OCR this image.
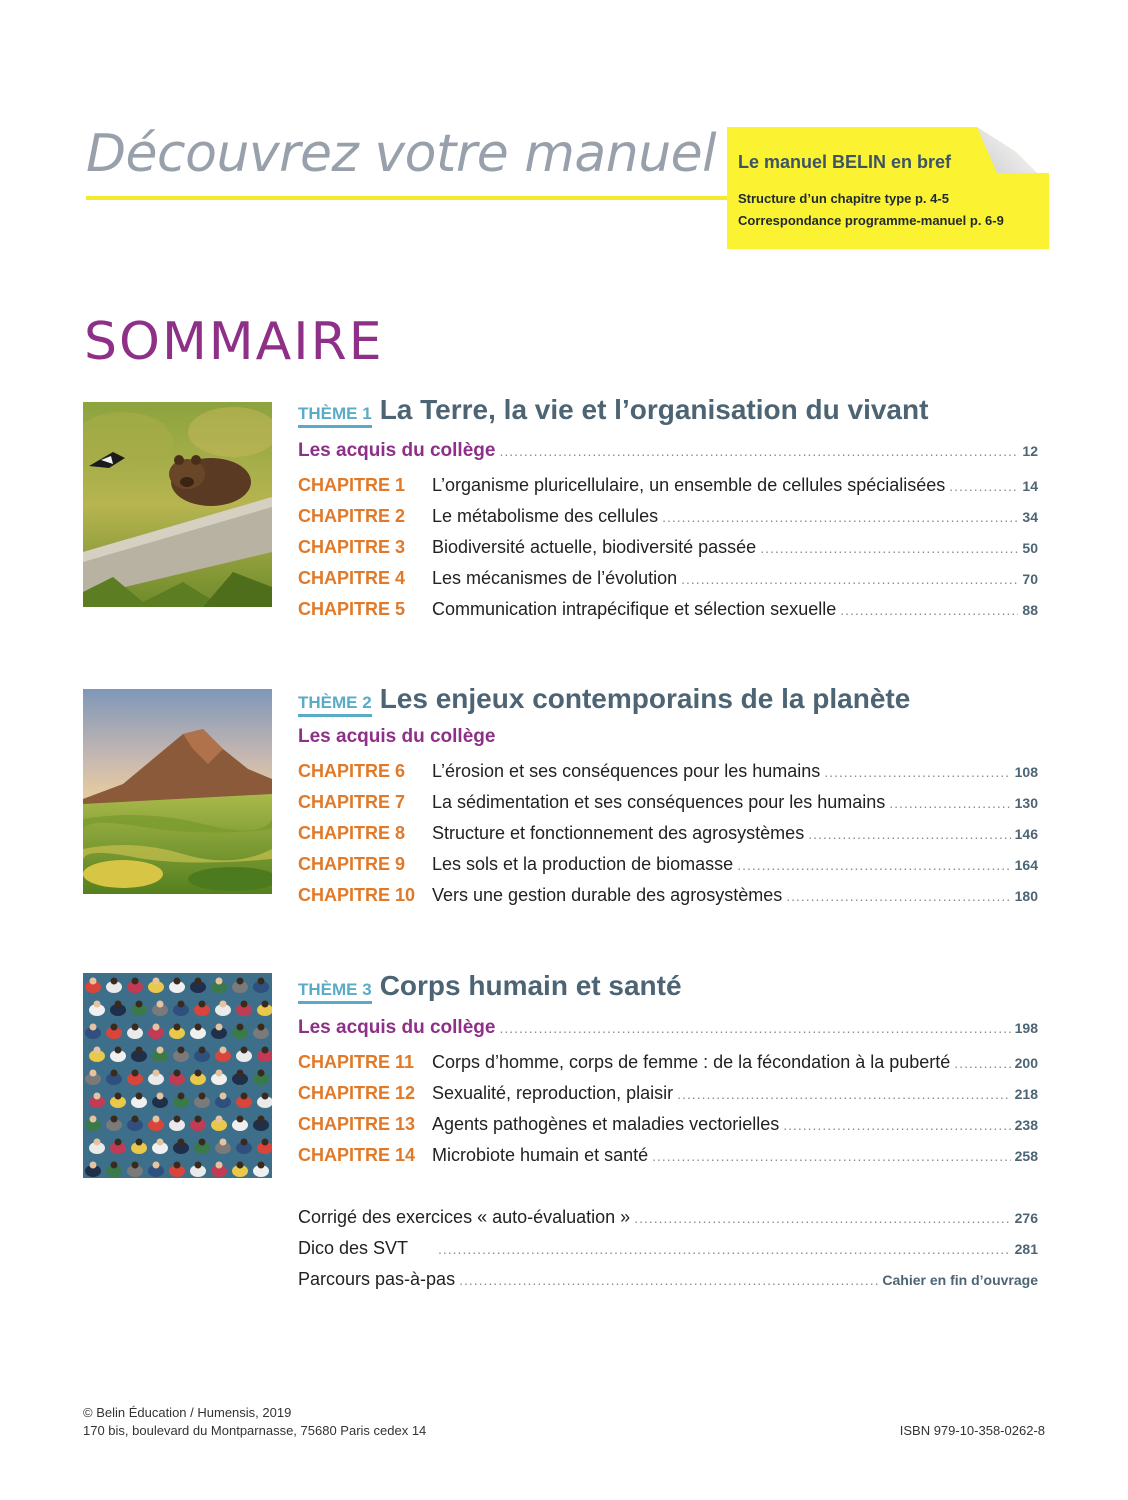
Découvrez votre manuel Le manuel BELIN en bref
Structure d’un chapitre type p. 4-5
Correspondance programme-manuel p. 6-9
SOMMAIRE
THÈME 1 La Terre, la vie et l’organisation du vivant
Les acquis du collège .....	12
CHAPITRE 1	L’organisme pluricellulaire, un ensemble de cellules spécialisées .....	14
CHAPITRE 2	Le métabolisme des cellules .....	34
CHAPITRE 3	Biodiversité actuelle, biodiversité passée .....	50
CHAPITRE 4	Les mécanismes de l’évolution .....	70
CHAPITRE 5	Communication intrapécifique et sélection sexuelle .....	88
THÈME 2 Les enjeux contemporains de la planète
Les acquis du collège
CHAPITRE 6	L’érosion et ses conséquences pour les humains .....	108
CHAPITRE 7	La sédimentation et ses conséquences pour les humains .....	130
CHAPITRE 8	Structure et fonctionnement des agrosystèmes .....	146
CHAPITRE 9	Les sols et la production de biomasse .....	164
CHAPITRE 10 Vers une gestion durable des agrosystèmes .....	180
THÈME 3 Corps humain et santé
Les acquis du collège .....	198
CHAPITRE 11 Corps d’homme, corps de femme : de la fécondation à la puberté .....	200
CHAPITRE 12 Sexualité, reproduction, plaisir .....	218
CHAPITRE 13 Agents pathogènes et maladies vectorielles .....	238
CHAPITRE 14 Microbiote humain et santé .....	258
Corrigé des exercices « auto-évaluation » .....	276
Dico des SVT .....	281
Parcours pas-à-pas .....	Cahier en fin d’ouvrage
© Belin Éducation / Humensis, 2019
170 bis, boulevard du Montparnasse, 75680 Paris cedex 14	ISBN 979-10-358-0262-8
